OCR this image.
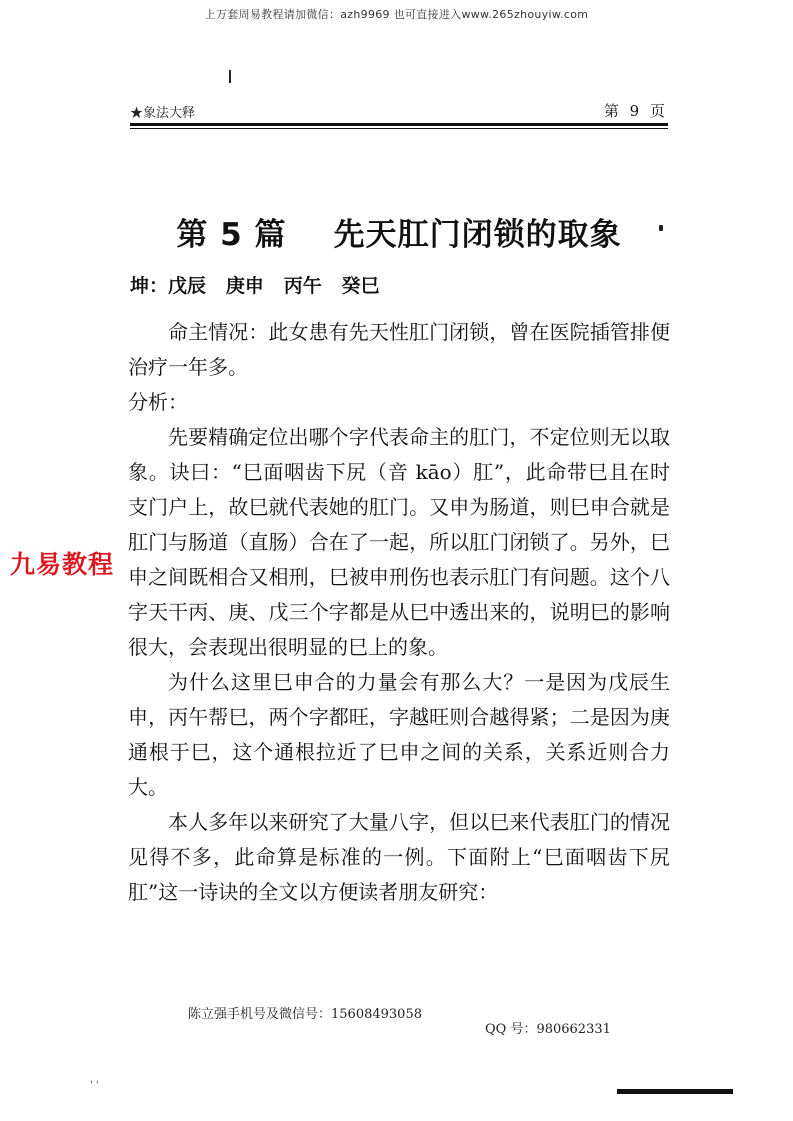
上万套周易教程请加微信：azh9969 也可直接进入www.265zhouyiw.com
★‍象法大释	第 9 页
第 5 篇    先天肛门闭锁的取象
坤：戊辰   庚申   丙午   癸巳

命主情况：此女患有先天性肛门闭锁，曾在医院插管排便治疗一年多。

分析：

先要精确定位出哪个字代表命主的肛门，不定位则无以取象。诀曰：“巳面咽齿下尻（音 kāo）肛”，此命带巳且在时支门户上，故巳就代表她的肛门。又申为肠道，则巳申合就是肛门与肠道（直肠）合在了一起，所以肛门闭锁了。另外，巳申之间既相合又相刑，巳被申刑伤也表示肛门有问题。这个八字天干丙、庚、戊三个字都是从巳中透出来的，说明巳的影响很大，会表现出很明显的巳上的象。

为什么这里巳申合的力量会有那么大？一是因为戊辰生申，丙午帮巳，两个字都旺，字越旺则合越得紧；二是因为庚通根于巳，这个通根拉近了巳申之间的关系，关系近则合力大。

本人多年以来研究了大量八字，但以巳来代表肛门的情况见得不多，此命算是标准的一例。下面附上“巳面咽齿下尻肛”这一诗诀的全文以方便读者朋友研究：

九易教程

陈立强手机号及微信号：15608493058

QQ 号：980662331

' '
